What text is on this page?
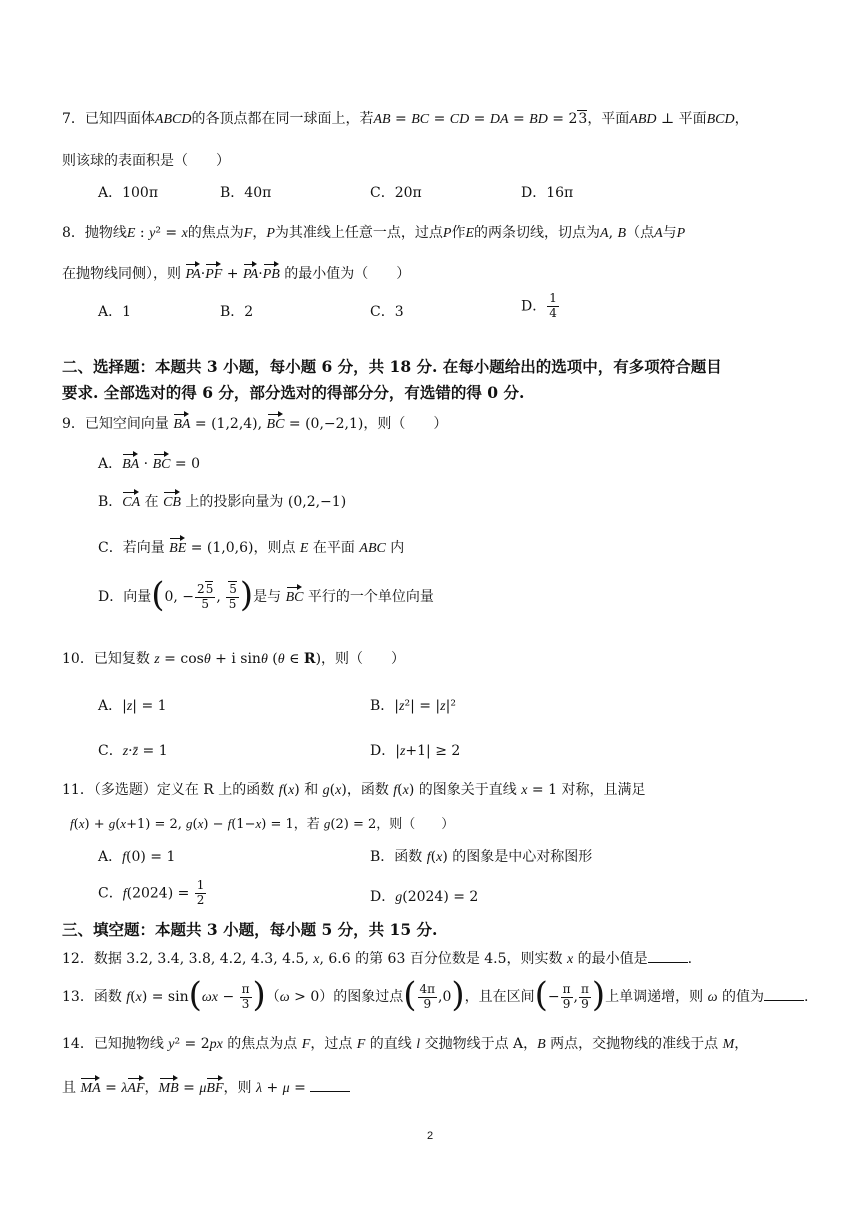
7．已知四面体ABCD的各顶点都在同一球面上，若AB = BC = CD = DA = BD = 23，平面ABD ⊥ 平面BCD，
则该球的表面积是（　　）
A．100π	B．40π	C．20π	D．16π
8．抛物线E : y² = x的焦点为F，P为其准线上任意一点，过点P作E的两条切线，切点为A, B（点A与P
在抛物线同侧），则 PA·PF + PA·PB 的最小值为（　　）
A．1	B．2	C．3	D． $\frac{1}{4}$
二、选择题：本题共 3 小题，每小题 6 分，共 18 分. 在每小题给出的选项中，有多项符合题目
要求. 全部选对的得 6 分，部分选对的得部分分，有选错的得 0 分.
9．已知空间向量 BA = (1,2,4), BC = (0,−2,1)，则（　　）
A．BA · BC = 0
B．CA 在 CB 上的投影向量为 (0,2,−1)
C．若向量 BE = (1,0,6)，则点 E 在平面 ABC 内
D．向量(0, − $\frac{25}{5}$ , $\frac{5}{5}$ )是与 BC 平行的一个单位向量
10．已知复数 z = cosθ + i sinθ (θ ∈ R)，则（　　）
A．|z| = 1	B．|z²| = |z|²
C．z·z̄ = 1	D．|z+1| ≥ 2
11．（多选题）定义在 R 上的函数 f(x) 和 g(x)，函数 f(x) 的图象关于直线 x = 1 对称，且满足
f(x) + g(x+1) = 2, g(x) − f(1−x) = 1，若 g(2) = 2，则（　　）
A．f(0) = 1	B．函数 f(x) 的图象是中心对称图形
C．$f(2024) = \frac{1}{2}$	D．g(2024) = 2
三、填空题：本题共 3 小题，每小题 5 分，共 15 分.
12．数据 3.2, 3.4, 3.8, 4.2, 4.3, 4.5, x, 6.6 的第 63 百分位数是 4.5，则实数 x 的最小值是	.
13．函数 $f(x) = \sin(\omega x - \frac{\pi}{3} )(\omega > 0)$的图象过点( $\frac{4\pi}{9} ,0$)，且在区间(− $\frac{\pi}{9}$ , $\frac{\pi}{9}$ )上单调递增，则 ω 的值为	.
14．已知抛物线 y² = 2px 的焦点为点 F，过点 F 的直线 l 交抛物线于点 A，B 两点，交抛物线的准线于点 M，
且 MA = λAF，MB = μBF，则 λ + μ =
2
